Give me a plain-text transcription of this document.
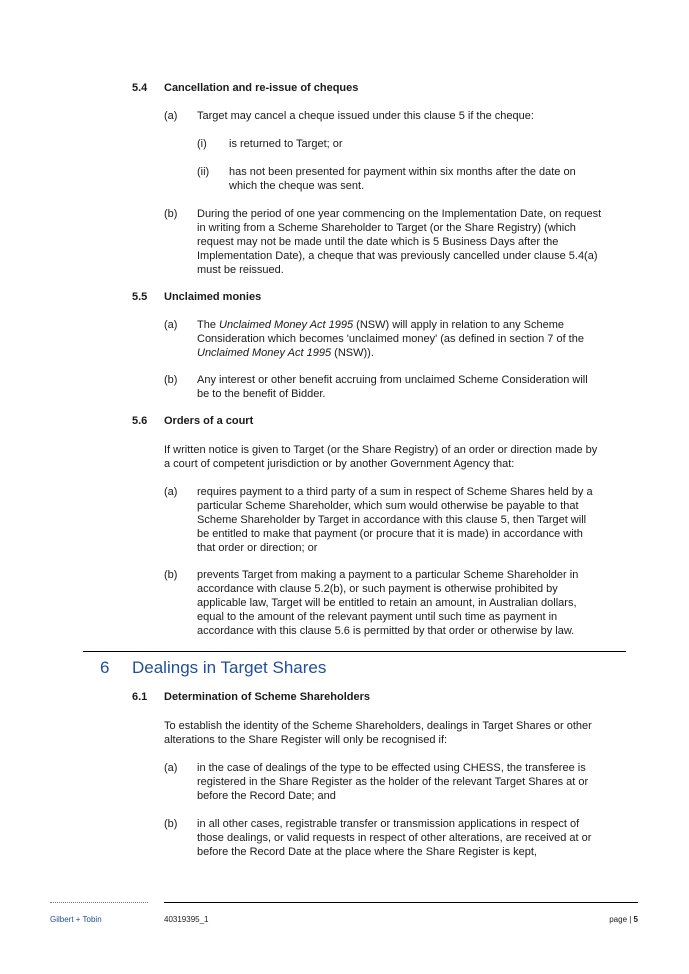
5.4 Cancellation and re-issue of cheques
(a) Target may cancel a cheque issued under this clause 5 if the cheque:
(i) is returned to Target; or
(ii) has not been presented for payment within six months after the date on
which the cheque was sent.
(b) During the period of one year commencing on the Implementation Date, on request
in writing from a Scheme Shareholder to Target (or the Share Registry) (which
request may not be made until the date which is 5 Business Days after the
Implementation Date), a cheque that was previously cancelled under clause 5.4(a)
must be reissued.
5.5 Unclaimed monies
(a) The Unclaimed Money Act 1995 (NSW) will apply in relation to any Scheme
Consideration which becomes 'unclaimed money' (as defined in section 7 of the
Unclaimed Money Act 1995 (NSW)).
(b) Any interest or other benefit accruing from unclaimed Scheme Consideration will
be to the benefit of Bidder.
5.6 Orders of a court
If written notice is given to Target (or the Share Registry) of an order or direction made by
a court of competent jurisdiction or by another Government Agency that:
(a) requires payment to a third party of a sum in respect of Scheme Shares held by a
particular Scheme Shareholder, which sum would otherwise be payable to that
Scheme Shareholder by Target in accordance with this clause 5, then Target will
be entitled to make that payment (or procure that it is made) in accordance with
that order or direction; or
(b) prevents Target from making a payment to a particular Scheme Shareholder in
accordance with clause 5.2(b), or such payment is otherwise prohibited by
applicable law, Target will be entitled to retain an amount, in Australian dollars,
equal to the amount of the relevant payment until such time as payment in
accordance with this clause 5.6 is permitted by that order or otherwise by law.
6 Dealings in Target Shares
6.1 Determination of Scheme Shareholders
To establish the identity of the Scheme Shareholders, dealings in Target Shares or other
alterations to the Share Register will only be recognised if:
(a) in the case of dealings of the type to be effected using CHESS, the transferee is
registered in the Share Register as the holder of the relevant Target Shares at or
before the Record Date; and
(b) in all other cases, registrable transfer or transmission applications in respect of
those dealings, or valid requests in respect of other alterations, are received at or
before the Record Date at the place where the Share Register is kept,
Gilbert + Tobin	40319395_1	page | 5
